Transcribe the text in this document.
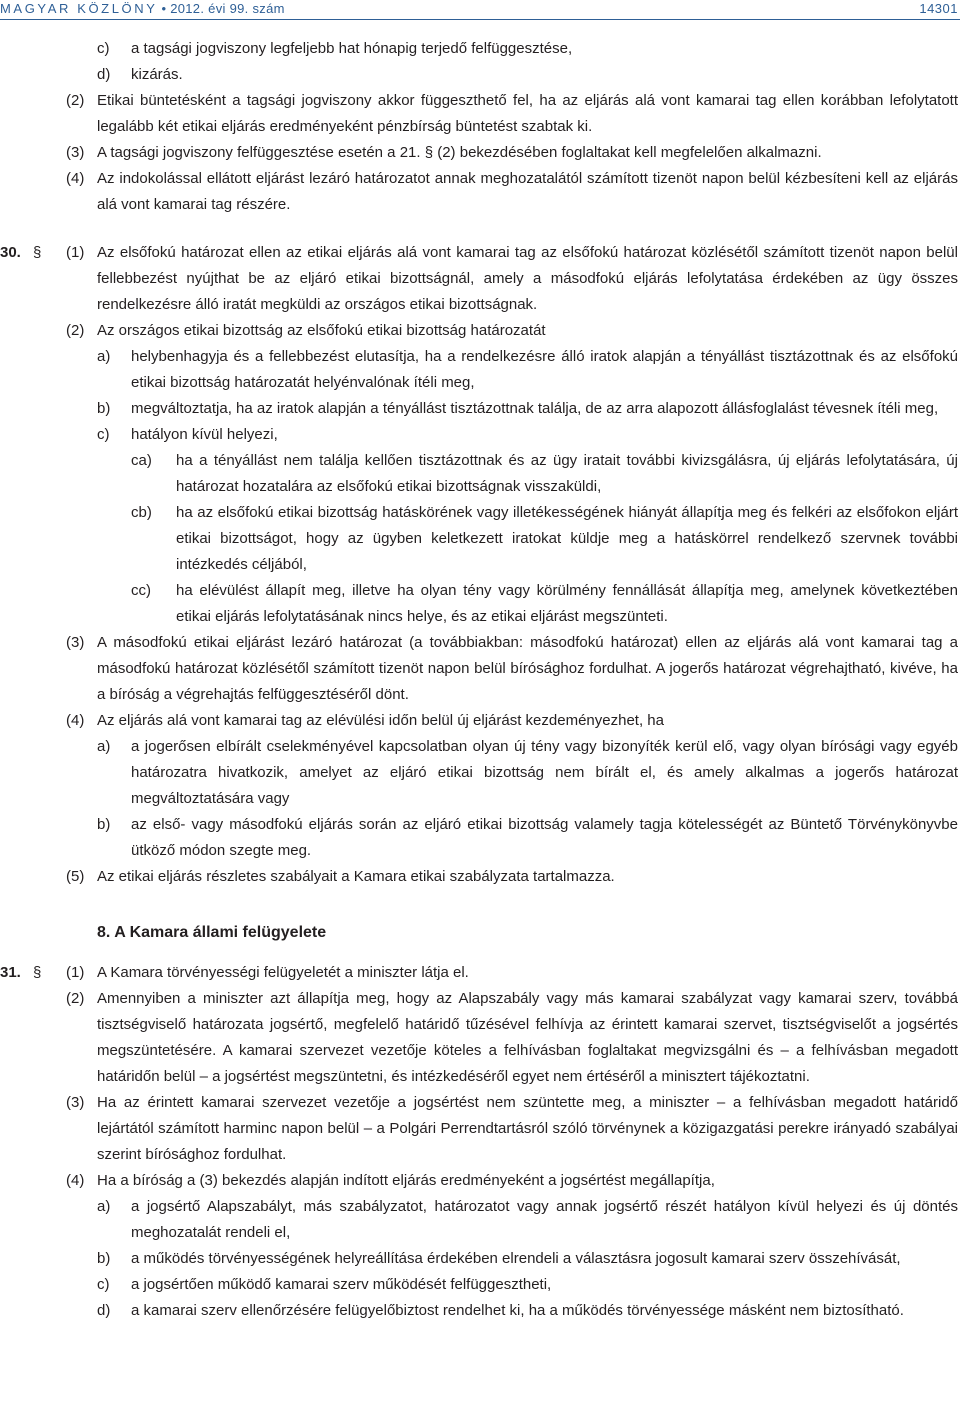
MAGYAR KÖZLÖNY • 2012. évi 99. szám	14301
c) a tagsági jogviszony legfeljebb hat hónapig terjedő felfüggesztése,
d) kizárás.
(2) Etikai büntetésként a tagsági jogviszony akkor függeszthető fel, ha az eljárás alá vont kamarai tag ellen korábban lefolytatott legalább két etikai eljárás eredményeként pénzbírság büntetést szabtak ki.
(3) A tagsági jogviszony felfüggesztése esetén a 21. § (2) bekezdésében foglaltakat kell megfelelően alkalmazni.
(4) Az indokolással ellátott eljárást lezáró határozatot annak meghozatalától számított tizenöt napon belül kézbesíteni kell az eljárás alá vont kamarai tag részére.
30. § (1) Az elsőfokú határozat ellen az etikai eljárás alá vont kamarai tag az elsőfokú határozat közlésétől számított tizenöt napon belül fellebbezést nyújthat be az eljáró etikai bizottságnál, amely a másodfokú eljárás lefolytatása érdekében az ügy összes rendelkezésre álló iratát megküldi az országos etikai bizottságnak.
(2) Az országos etikai bizottság az elsőfokú etikai bizottság határozatát
a) helybenhagyja és a fellebbezést elutasítja, ha a rendelkezésre álló iratok alapján a tényállást tisztázottnak és az elsőfokú etikai bizottság határozatát helyénvalónak ítéli meg,
b) megváltoztatja, ha az iratok alapján a tényállást tisztázottnak találja, de az arra alapozott állásfoglalást tévesnek ítéli meg,
c) hatályon kívül helyezi,
ca) ha a tényállást nem találja kellően tisztázottnak és az ügy iratait további kivizsgálásra, új eljárás lefolytatására, új határozat hozatalára az elsőfokú etikai bizottságnak visszaküldi,
cb) ha az elsőfokú etikai bizottság hatáskörének vagy illetékességének hiányát állapítja meg és felkéri az elsőfokon eljárt etikai bizottságot, hogy az ügyben keletkezett iratokat küldje meg a hatáskörrel rendelkező szervnek további intézkedés céljából,
cc) ha elévülést állapít meg, illetve ha olyan tény vagy körülmény fennállását állapítja meg, amelynek következtében etikai eljárás lefolytatásának nincs helye, és az etikai eljárást megszünteti.
(3) A másodfokú etikai eljárást lezáró határozat (a továbbiakban: másodfokú határozat) ellen az eljárás alá vont kamarai tag a másodfokú határozat közlésétől számított tizenöt napon belül bírósághoz fordulhat. A jogerős határozat végrehajtható, kivéve, ha a bíróság a végrehajtás felfüggesztéséről dönt.
(4) Az eljárás alá vont kamarai tag az elévülési időn belül új eljárást kezdeményezhet, ha
a) a jogerősen elbírált cselekményével kapcsolatban olyan új tény vagy bizonyíték kerül elő, vagy olyan bírósági vagy egyéb határozatra hivatkozik, amelyet az eljáró etikai bizottság nem bírált el, és amely alkalmas a jogerős határozat megváltoztatására vagy
b) az első- vagy másodfokú eljárás során az eljáró etikai bizottság valamely tagja kötelességét az Büntető Törvénykönyvbe ütköző módon szegte meg.
(5) Az etikai eljárás részletes szabályait a Kamara etikai szabályzata tartalmazza.
8. A Kamara állami felügyelete
31. § (1) A Kamara törvényességi felügyeletét a miniszter látja el.
(2) Amennyiben a miniszter azt állapítja meg, hogy az Alapszabály vagy más kamarai szabályzat vagy kamarai szerv, továbbá tisztségviselő határozata jogsértő, megfelelő határidő tűzésével felhívja az érintett kamarai szervet, tisztségviselőt a jogsértés megszüntetésére. A kamarai szervezet vezetője köteles a felhívásban foglaltakat megvizsgálni és – a felhívásban megadott határidőn belül – a jogsértést megszüntetni, és intézkedéséről egyet nem értéséről a minisztert tájékoztatni.
(3) Ha az érintett kamarai szervezet vezetője a jogsértést nem szüntette meg, a miniszter – a felhívásban megadott határidő lejártától számított harminc napon belül – a Polgári Perrendtartásról szóló törvénynek a közigazgatási perekre irányadó szabályai szerint bírósághoz fordulhat.
(4) Ha a bíróság a (3) bekezdés alapján indított eljárás eredményeként a jogsértést megállapítja,
a) a jogsértő Alapszabályt, más szabályzatot, határozatot vagy annak jogsértő részét hatályon kívül helyezi és új döntés meghozatalát rendeli el,
b) a működés törvényességének helyreállítása érdekében elrendeli a választásra jogosult kamarai szerv összehívását,
c) a jogsértően működő kamarai szerv működését felfüggesztheti,
d) a kamarai szerv ellenőrzésére felügyelőbiztost rendelhet ki, ha a működés törvényessége másként nem biztosítható.
